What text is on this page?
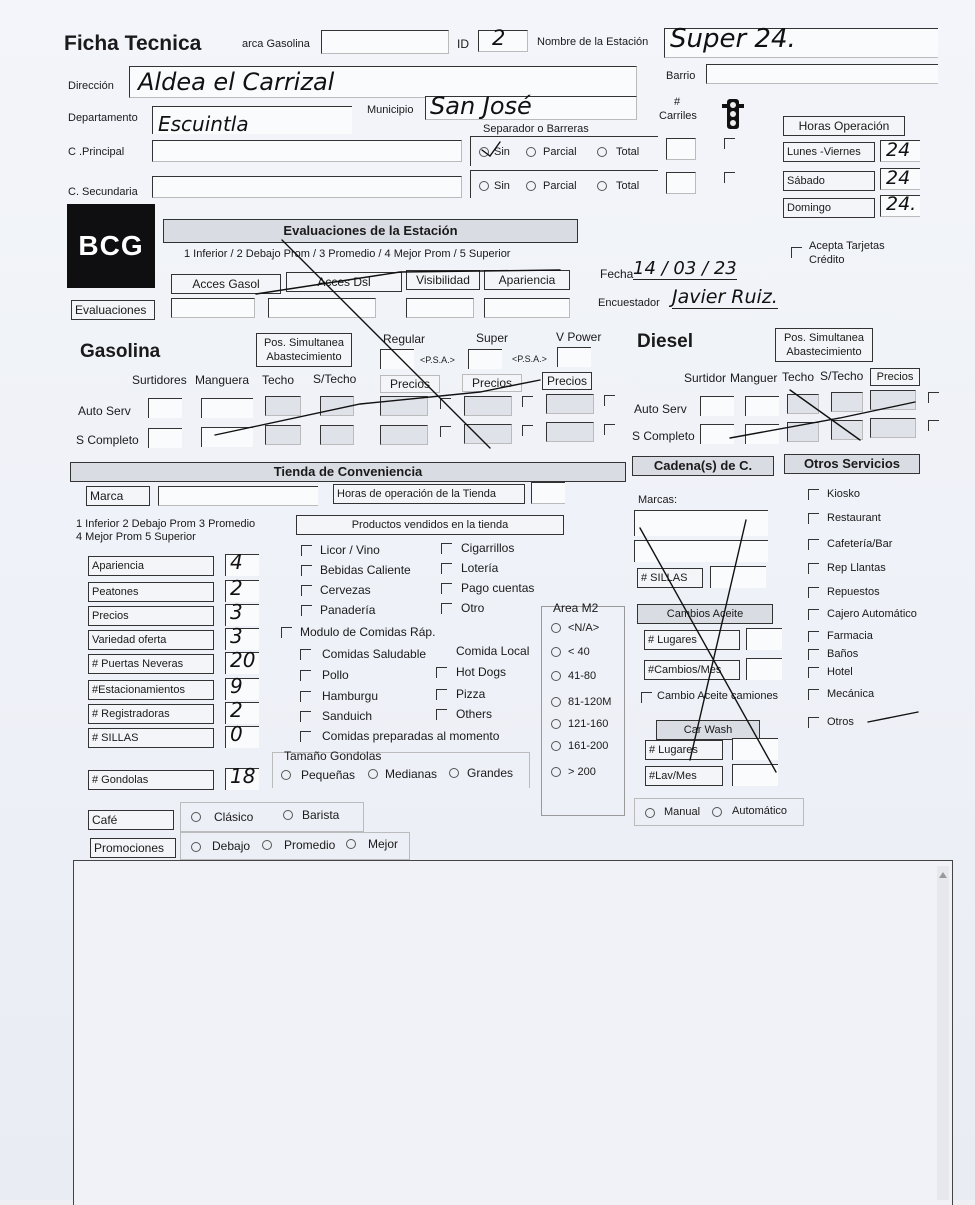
Ficha Tecnica	arca Gasolina	ID 2	Nombre de la Estación Super 24.
Dirección Aldea el Carrizal	Barrio
Departamento Escuintla
Municipio San José
Separador o Barreras
#
Carriles
C .Principal
C. Secundaria
Sin	Parcial	Total
Sin	Parcial	Total
Horas Operación
Lunes -Viernes	24
Sábado	24
Domingo	24.
BCG	Evaluaciones de la Estación
1 Inferior / 2 Debajo Prom / 3 Promedio / 4 Mejor Prom / 5 Superior
Acces Gasol	Acces Dsl	Visibilidad	Apariencia
Evaluaciones
Acepta Tarjetas
Crédito
Fecha 14 / 03 / 23
Encuestador Javier Ruiz.
Gasolina	Pos. Simultanea
Abastecimiento
Regular	Super	V Power
<P.S.A.>	<P.S.A.>
Surtidores Manguera Techo S/Techo	Precios	Precios	Precios
Auto Serv
S Completo
Diesel	Pos. Simultanea
Abastecimiento
Surtidor Manguer Techo S/Techo	Precios
Auto Serv
S Completo
Tienda de Conveniencia
Marca	Horas de operación de la Tienda
1 Inferior 2 Debajo Prom 3 Promedio
4 Mejor Prom 5 Superior
Apariencia	4
Peatones	2
Precios	3
Variedad oferta	3
# Puertas Neveras	20
#Estacionamientos	9
# Registradoras	2
# SILLAS	0
# Gondolas	18
Productos vendidos en la tienda
Licor / Vino
Bebidas Caliente
Cervezas
Panadería
Cigarrillos
Lotería
Pago cuentas
Otro
Modulo de Comidas Ráp.
Comida Local
Comidas Saludable
Pollo
Hamburgu
Sanduich
Comidas preparadas al momento
Hot Dogs
Pizza
Others
Tamaño Gondolas
Pequeñas Medianas Grandes
Area M2
<N/A>
< 40
41-80
81-120M
121-160
161-200
> 200
Café	Clásico	Barista
Promociones	Debajo	Promedio	Mejor
Cadena(s) de C.
Marcas:
# SILLAS
Cambios Aceite
# Lugares
#Cambios/Mes
Cambio Aceite camiones
Car Wash
# Lugares
#Lav/Mes
Manual	Automático
Otros Servicios
Kiosko
Restaurant
Cafetería/Bar
Rep Llantas
Repuestos
Cajero Automático
Farmacia
Baños
Hotel
Mecánica
Otros
